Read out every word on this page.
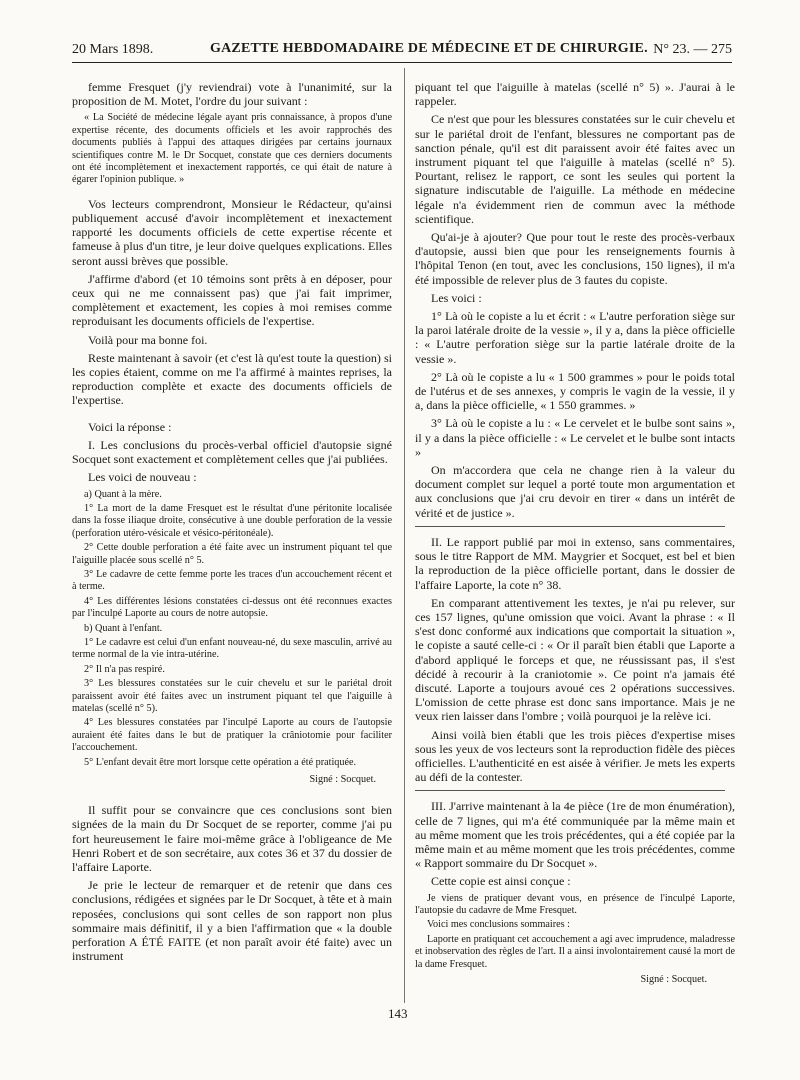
20 Mars 1898.	GAZETTE HEBDOMADAIRE DE MÉDECINE ET DE CHIRURGIE. N° 23. — 275

femme Fresquet (j'y reviendrai) vote à l'unanimité, sur la proposition de M. Motet, l'ordre du jour suivant :

« La Société de médecine légale ayant pris connaissance, à propos d'une expertise récente, des documents officiels et les avoir rapprochés des documents publiés à l'appui des attaques dirigées par certains journaux scientifiques contre M. le Dr Socquet, constate que ces derniers documents ont été incomplètement et inexactement rapportés, ce qui était de nature à égarer l'opinion publique. »

Vos lecteurs comprendront, Monsieur le Rédacteur, qu'ainsi publiquement accusé d'avoir incomplètement et inexactement rapporté les documents officiels de cette expertise récente et fameuse à plus d'un titre, je leur doive quelques explications. Elles seront aussi brèves que possible.

J'affirme d'abord (et 10 témoins sont prêts à en déposer, pour ceux qui ne me connaissent pas) que j'ai fait imprimer, complètement et exactement, les copies à moi remises comme reproduisant les documents officiels de l'expertise.

Voilà pour ma bonne foi.

Reste maintenant à savoir (et c'est là qu'est toute la question) si les copies étaient, comme on me l'a affirmé à maintes reprises, la reproduction complète et exacte des documents officiels de l'expertise.

Voici la réponse :

I. Les conclusions du procès-verbal officiel d'autopsie signé Socquet sont exactement et complètement celles que j'ai publiées.

Les voici de nouveau :

a) Quant à la mère.

1° La mort de la dame Fresquet est le résultat d'une péritonite localisée dans la fosse iliaque droite, consécutive à une double perforation de la vessie (perforation utéro-vésicale et vésico-péritonéale).

2° Cette double perforation a été faite avec un instrument piquant tel que l'aiguille placée sous scellé n° 5.

3° Le cadavre de cette femme porte les traces d'un accouchement récent et à terme.

4° Les différentes lésions constatées ci-dessus ont été reconnues exactes par l'inculpé Laporte au cours de notre autopsie.

b) Quant à l'enfant.

1° Le cadavre est celui d'un enfant nouveau-né, du sexe masculin, arrivé au terme normal de la vie intra-utérine.

2° Il n'a pas respiré.

3° Les blessures constatées sur le cuir chevelu et sur le pariétal droit paraissent avoir été faites avec un instrument piquant tel que l'aiguille à matelas (scellé n° 5).

4° Les blessures constatées par l'inculpé Laporte au cours de l'autopsie auraient été faites dans le but de pratiquer la crâniotomie pour faciliter l'accouchement.

5° L'enfant devait être mort lorsque cette opération a été pratiquée.

Signé : Socquet.

Il suffit pour se convaincre que ces conclusions sont bien signées de la main du Dr Socquet de se reporter, comme j'ai pu fort heureusement le faire moi-même grâce à l'obligeance de Me Henri Robert et de son secrétaire, aux cotes 36 et 37 du dossier de l'affaire Laporte.

Je prie le lecteur de remarquer et de retenir que dans ces conclusions, rédigées et signées par le Dr Socquet, à tête et à main reposées, conclusions qui sont celles de son rapport non plus sommaire mais définitif, il y a bien l'affirmation que « la double perforation A ÉTÉ FAITE (et non paraît avoir été faite) avec un instrument

piquant tel que l'aiguille à matelas (scellé n° 5) ». J'aurai à le rappeler.

Ce n'est que pour les blessures constatées sur le cuir chevelu et sur le pariétal droit de l'enfant, blessures ne comportant pas de sanction pénale, qu'il est dit paraissent avoir été faites avec un instrument piquant tel que l'aiguille à matelas (scellé n° 5). Pourtant, relisez le rapport, ce sont les seules qui portent la signature indiscutable de l'aiguille. La méthode en médecine légale n'a évidemment rien de commun avec la méthode scientifique.

Qu'ai-je à ajouter? Que pour tout le reste des procès-verbaux d'autopsie, aussi bien que pour les renseignements fournis à l'hôpital Tenon (en tout, avec les conclusions, 150 lignes), il m'a été impossible de relever plus de 3 fautes du copiste.

Les voici :

1° Là où le copiste a lu et écrit : « L'autre perforation siège sur la paroi latérale droite de la vessie », il y a, dans la pièce officielle : « L'autre perforation siège sur la partie latérale droite de la vessie ».

2° Là où le copiste a lu « 1 500 grammes » pour le poids total de l'utérus et de ses annexes, y compris le vagin de la vessie, il y a, dans la pièce officielle, « 1 550 grammes. »

3° Là où le copiste a lu : « Le cervelet et le bulbe sont sains », il y a dans la pièce officielle : « Le cervelet et le bulbe sont intacts »

On m'accordera que cela ne change rien à la valeur du document complet sur lequel a porté toute mon argumentation et aux conclusions que j'ai cru devoir en tirer « dans un intérêt de vérité et de justice ».

II. Le rapport publié par moi in extenso, sans commentaires, sous le titre Rapport de MM. Maygrier et Socquet, est bel et bien la reproduction de la pièce officielle portant, dans le dossier de l'affaire Laporte, la cote n° 38.

En comparant attentivement les textes, je n'ai pu relever, sur ces 157 lignes, qu'une omission que voici. Avant la phrase : « Il s'est donc conformé aux indications que comportait la situation », le copiste a sauté celle-ci : « Or il paraît bien établi que Laporte a d'abord appliqué le forceps et que, ne réussissant pas, il s'est décidé à recourir à la craniotomie ». Ce point n'a jamais été discuté. Laporte a toujours avoué ces 2 opérations successives. L'omission de cette phrase est donc sans importance. Mais je ne veux rien laisser dans l'ombre ; voilà pourquoi je la relève ici.

Ainsi voilà bien établi que les trois pièces d'expertise mises sous les yeux de vos lecteurs sont la reproduction fidèle des pièces officielles. L'authenticité en est aisée à vérifier. Je mets les experts au défi de la contester.

III. J'arrive maintenant à la 4e pièce (1re de mon énumération), celle de 7 lignes, qui m'a été communiquée par la même main et au même moment que les trois précédentes, qui a été copiée par la même main et au même moment que les trois précédentes, comme « Rapport sommaire du Dr Socquet ».

Cette copie est ainsi conçue :

Je viens de pratiquer devant vous, en présence de l'inculpé Laporte, l'autopsie du cadavre de Mme Fresquet.

Voici mes conclusions sommaires :

Laporte en pratiquant cet accouchement a agi avec imprudence, maladresse et inobservation des règles de l'art. Il a ainsi involontairement causé la mort de la dame Fresquet.

Signé : Socquet.

143
